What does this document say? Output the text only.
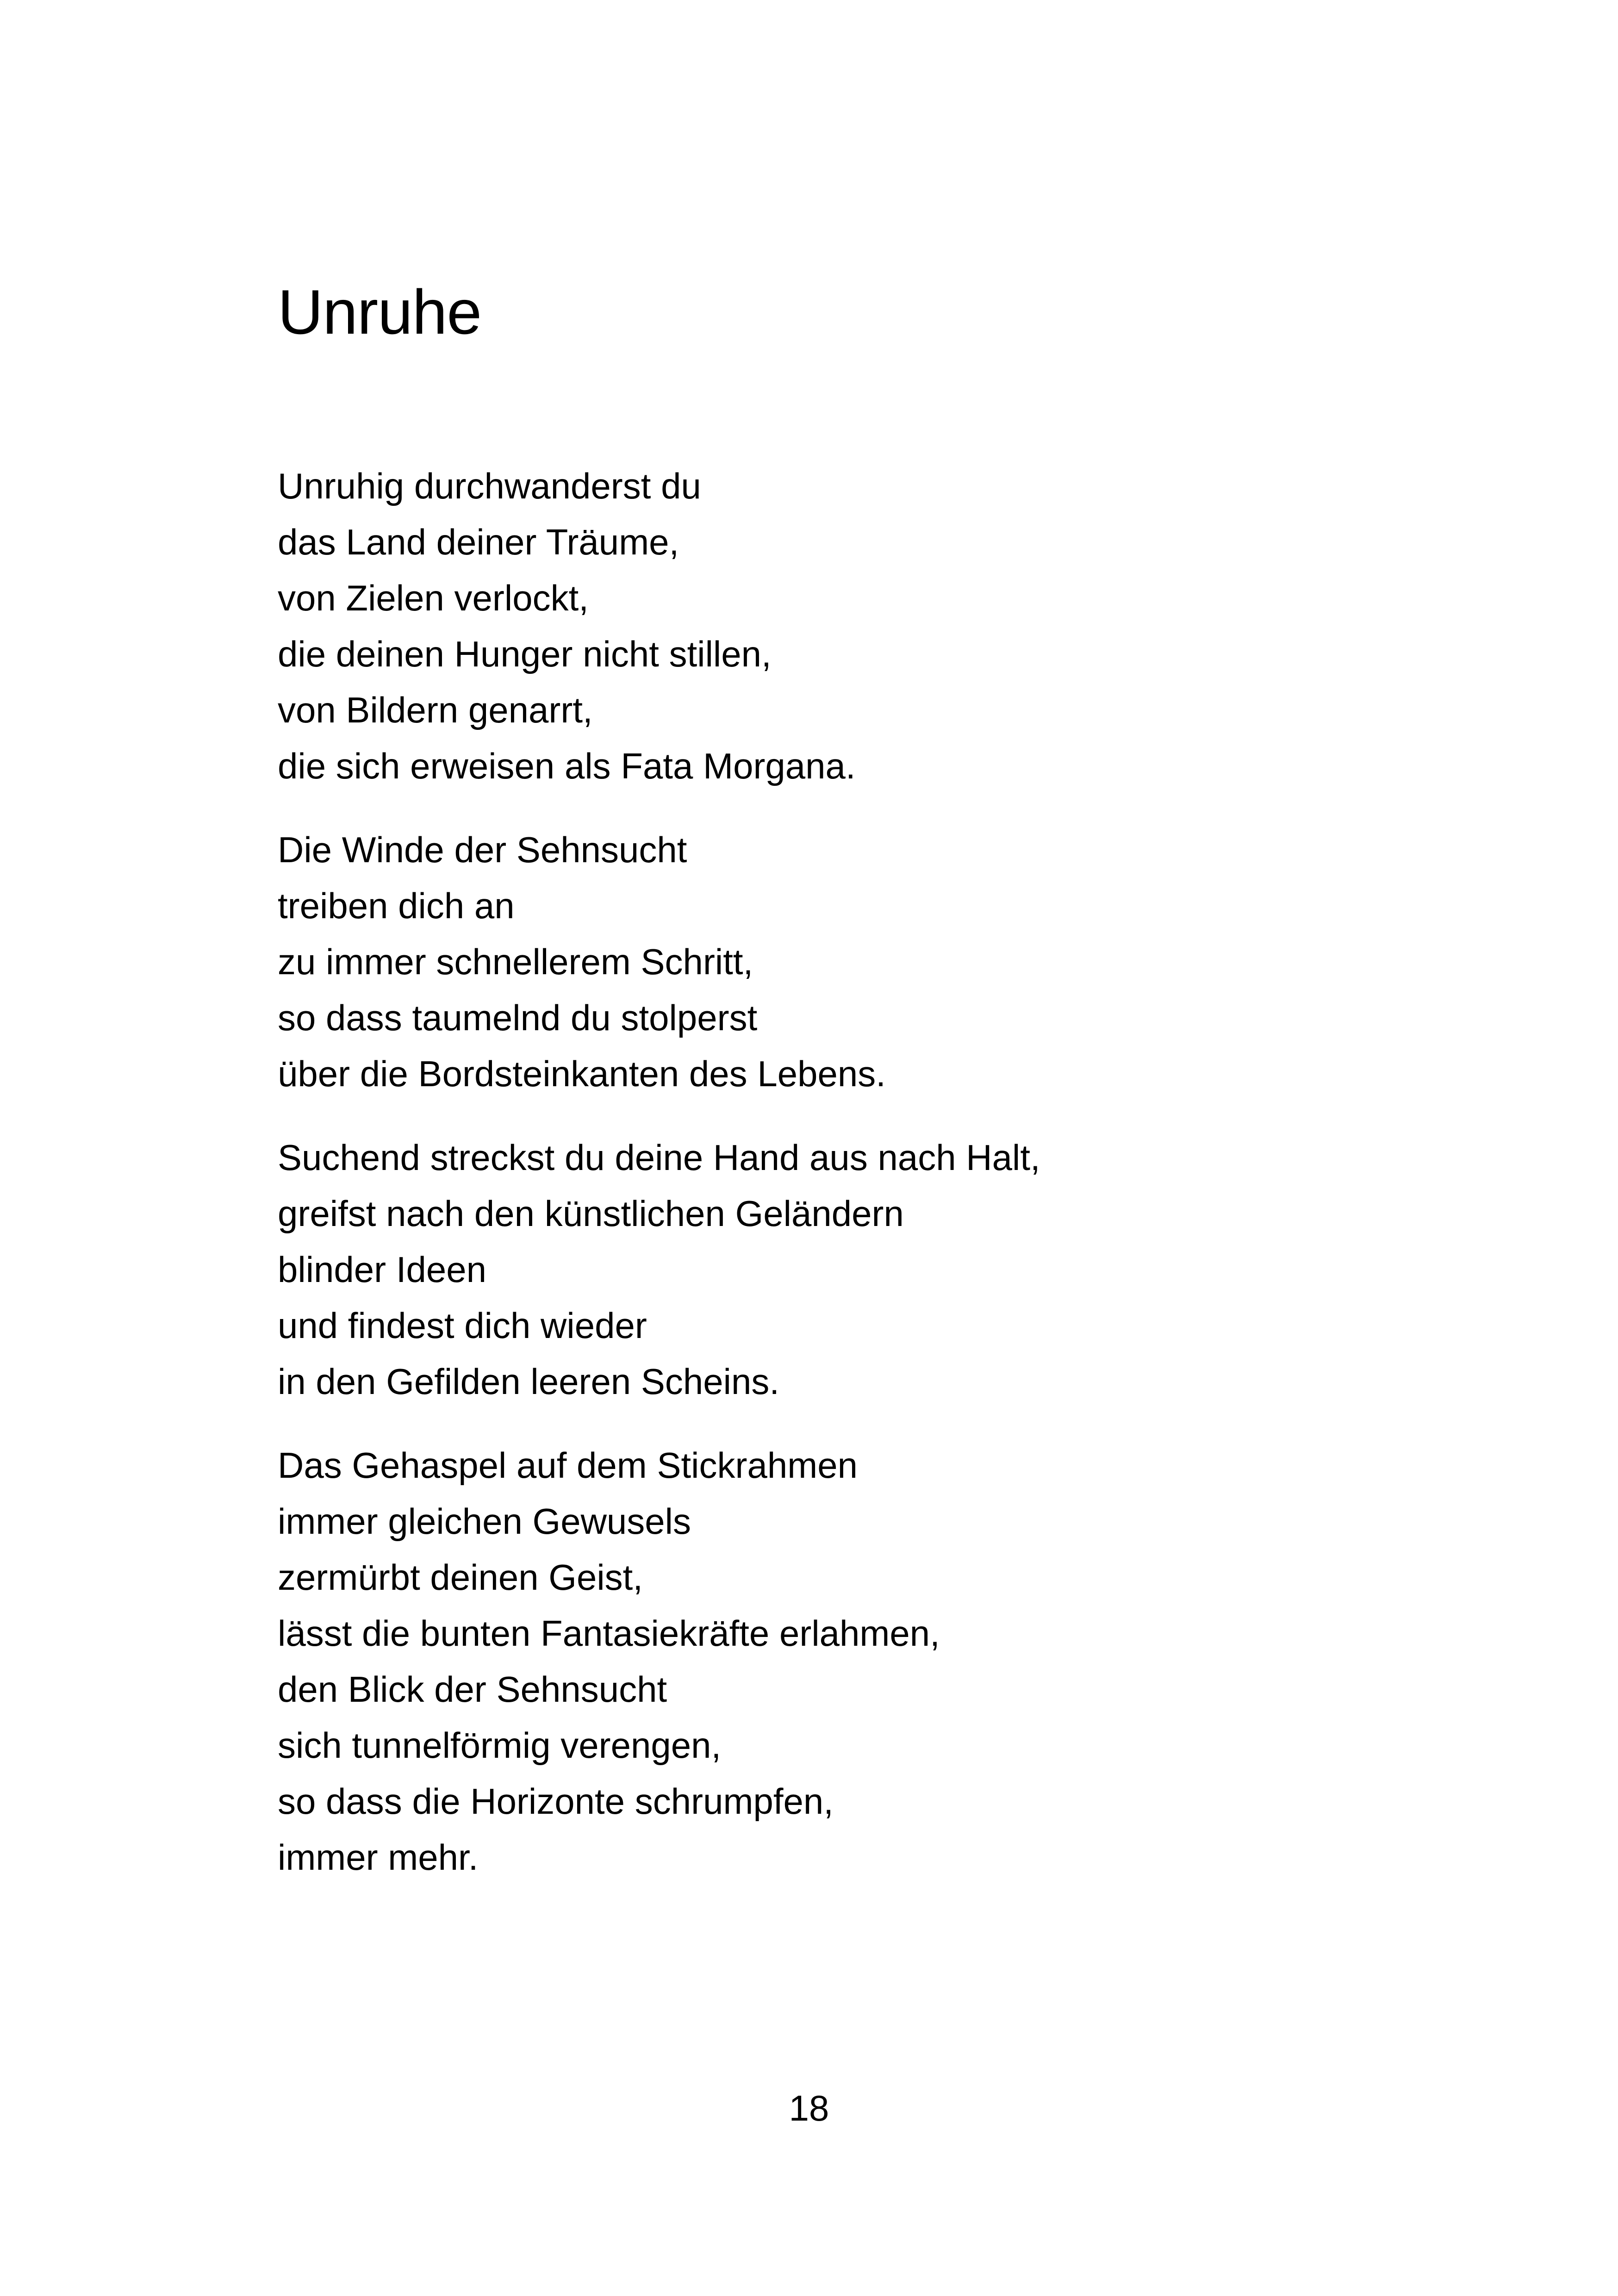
Unruhe

Unruhig durchwanderst du
das Land deiner Träume,
von Zielen verlockt,
die deinen Hunger nicht stillen,
von Bildern genarrt,
die sich erweisen als Fata Morgana.

Die Winde der Sehnsucht
treiben dich an
zu immer schnellerem Schritt,
so dass taumelnd du stolperst
über die Bordsteinkanten des Lebens.

Suchend streckst du deine Hand aus nach Halt,
greifst nach den künstlichen Geländern
blinder Ideen
und findest dich wieder
in den Gefilden leeren Scheins.

Das Gehaspel auf dem Stickrahmen
immer gleichen Gewusels
zermürbt deinen Geist,
lässt die bunten Fantasiekräfte erlahmen,
den Blick der Sehnsucht
sich tunnelförmig verengen,
so dass die Horizonte schrumpfen,
immer mehr.

18
